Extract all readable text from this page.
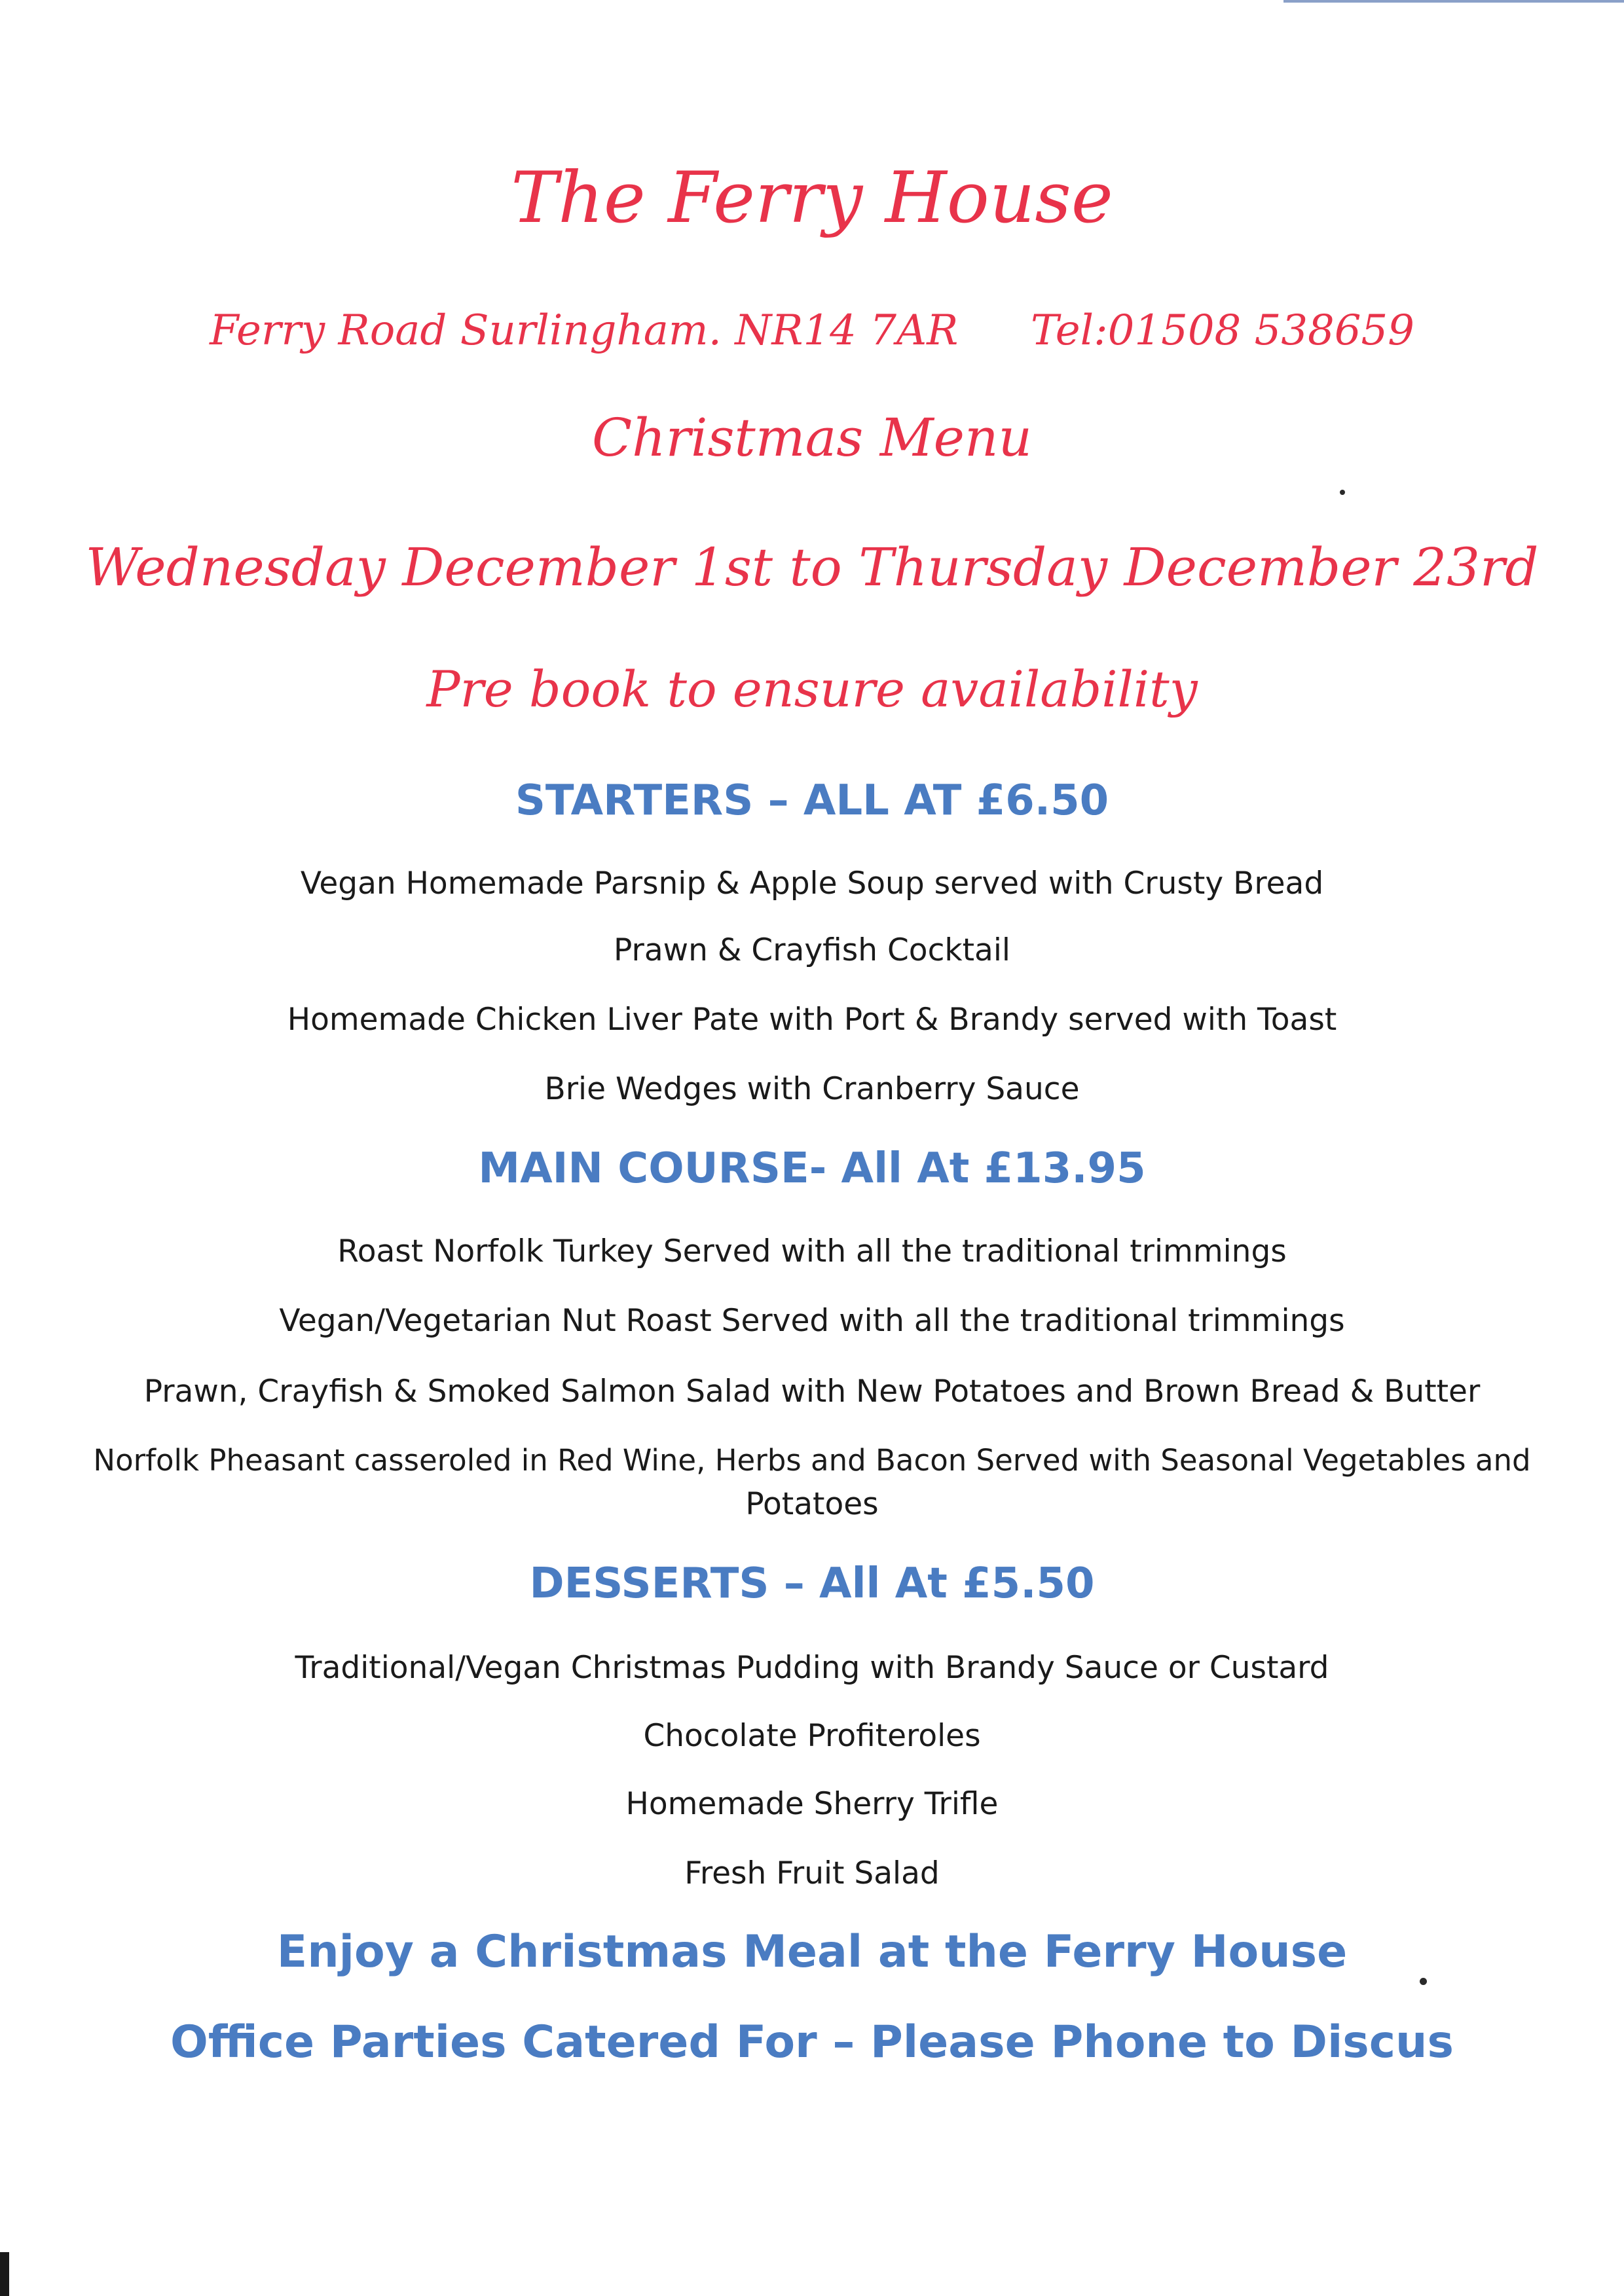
The Ferry House
Ferry Road Surlingham. NR14 7AR Tel:01508 538659
Christmas Menu
Wednesday December 1st to Thursday December 23rd
Pre book to ensure availability
STARTERS – ALL AT £6.50
Vegan Homemade Parsnip & Apple Soup served with Crusty Bread
Prawn & Crayfish Cocktail
Homemade Chicken Liver Pate with Port & Brandy served with Toast
Brie Wedges with Cranberry Sauce
MAIN COURSE- All At £13.95
Roast Norfolk Turkey Served with all the traditional trimmings
Vegan/Vegetarian Nut Roast Served with all the traditional trimmings
Prawn, Crayfish & Smoked Salmon Salad with New Potatoes and Brown Bread & Butter
Norfolk Pheasant casseroled in Red Wine, Herbs and Bacon Served with Seasonal Vegetables and
Potatoes
DESSERTS – All At £5.50
Traditional/Vegan Christmas Pudding with Brandy Sauce or Custard
Chocolate Profiteroles
Homemade Sherry Trifle
Fresh Fruit Salad
Enjoy a Christmas Meal at the Ferry House
Office Parties Catered For – Please Phone to Discus
